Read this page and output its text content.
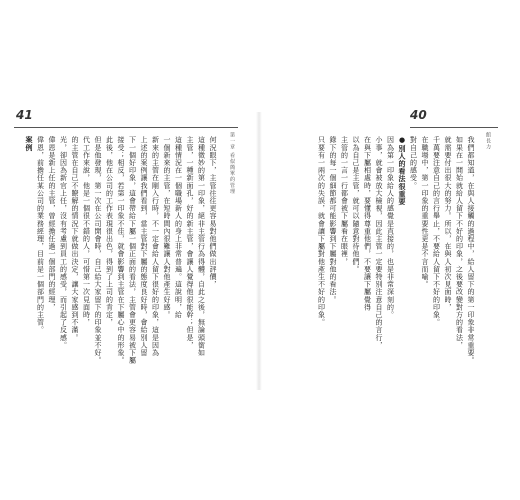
41
第一章 看似簡單的管理
何況眼下，主管往往更容易對他們做出評價，
這種微妙的第一印象，絕非主管行為得體，自此之後，無論頭銜如
主管，一種新面孔，好的新主管，會讓人覺得他很能幹；但是，
這種情況在一個職場新人的身上非常普遍。這說明，給
一個新來的主管，在短時間內很難讓人對他產生好感。
新來的主管在剛入行時，不一定會給人留下很好的印象，這是因為
上述的案例讓我們看到，當主管對下屬的態度良好時，會給別人留
下一個好印象，這會帶給下屬一個正面的看法，主管會更容易被下屬
接受；相反，若第一印象不佳，就會影響到主管在下屬心中的形象。
此後，他在公司的工作表現很出色，得到了上司的肯定，
但是他發現，第一次在公司開會時，自己給大家留下的印象並不好。
代工作來說，他是一個很不錯的人，可惜第一次見面時，
的主管在自己不瞭解的情況下就做出決定，讓大家感到不滿。
光，卻因為新官上任，沒有考慮到員工的感受，而引起了反感。
偉恩是新上任的主管，曾經擔任過一個部門的經理，
偉恩，前擔任某公司的業務經理，目前是一個部門的主管。
案例
40
館長力
我們都知道，在與人接觸的過程中，給人留下的第一印象非常重要。
如果在一開始就給人留下不好的印象，之後要改變對方的看法，
就需要付出很大的努力。所以，在與人初次見面時，
千萬要注意自己的言行舉止，不要給人留下不好的印象。
在職場中，第一印象的重要性更是不言而喻。
對自己的感受。
●別人的看法很重要
因為第一印象給人的感覺是直接的，也是非常深刻的。
小事，就會被放大檢視，因此主管一定要特別注意自己的言行，
在與下屬相處時，要懂得尊重他們，不要讓下屬覺得
以為自己是主管，就可以隨意對待他們。
主管的一言一行都會被下屬看在眼裡，
錄下的每一個細節都可能影響到下屬對他的看法。
只要有一兩次的失誤，就會讓下屬對他產生不好的印象。
